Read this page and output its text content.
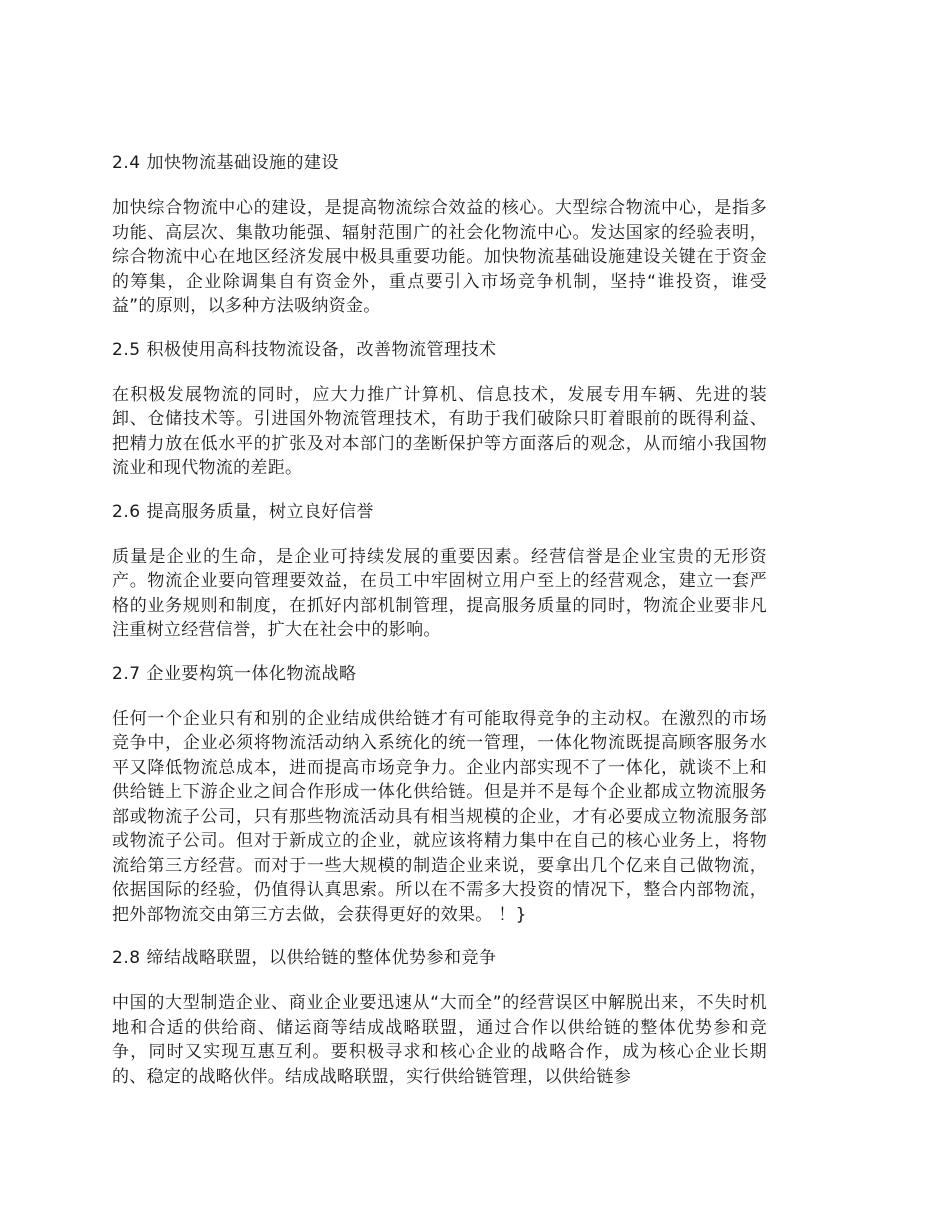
2.4 加快物流基础设施的建设

加快综合物流中心的建设，是提高物流综合效益的核心。大型综合物流中心，是指多功能、高层次、集散功能强、辐射范围广的社会化物流中心。发达国家的经验表明，综合物流中心在地区经济发展中极具重要功能。加快物流基础设施建设关键在于资金的筹集，企业除调集自有资金外，重点要引入市场竞争机制，坚持“谁投资，谁受益”的原则，以多种方法吸纳资金。

2.5 积极使用高科技物流设备，改善物流管理技术

在积极发展物流的同时，应大力推广计算机、信息技术，发展专用车辆、先进的装卸、仓储技术等。引进国外物流管理技术，有助于我们破除只盯着眼前的既得利益、把精力放在低水平的扩张及对本部门的垄断保护等方面落后的观念，从而缩小我国物流业和现代物流的差距。

2.6 提高服务质量，树立良好信誉

质量是企业的生命，是企业可持续发展的重要因素。经营信誉是企业宝贵的无形资产。物流企业要向管理要效益，在员工中牢固树立用户至上的经营观念，建立一套严格的业务规则和制度，在抓好内部机制管理，提高服务质量的同时，物流企业要非凡注重树立经营信誉，扩大在社会中的影响。

2.7 企业要构筑一体化物流战略

任何一个企业只有和别的企业结成供给链才有可能取得竞争的主动权。在激烈的市场竞争中，企业必须将物流活动纳入系统化的统一管理，一体化物流既提高顾客服务水平又降低物流总成本，进而提高市场竞争力。企业内部实现不了一体化，就谈不上和供给链上下游企业之间合作形成一体化供给链。但是并不是每个企业都成立物流服务部或物流子公司，只有那些物流活动具有相当规模的企业，才有必要成立物流服务部或物流子公司。但对于新成立的企业，就应该将精力集中在自己的核心业务上，将物流给第三方经营。而对于一些大规模的制造企业来说，要拿出几个亿来自己做物流，依据国际的经验，仍值得认真思索。所以在不需多大投资的情况下，整合内部物流，把外部物流交由第三方去做，会获得更好的效果。 ！}

2.8 缔结战略联盟，以供给链的整体优势参和竞争

中国的大型制造企业、商业企业要迅速从“大而全”的经营误区中解脱出来，不失时机地和合适的供给商、储运商等结成战略联盟，通过合作以供给链的整体优势参和竞争，同时又实现互惠互利。要积极寻求和核心企业的战略合作，成为核心企业长期的、稳定的战略伙伴。结成战略联盟，实行供给链管理，以供给链参
